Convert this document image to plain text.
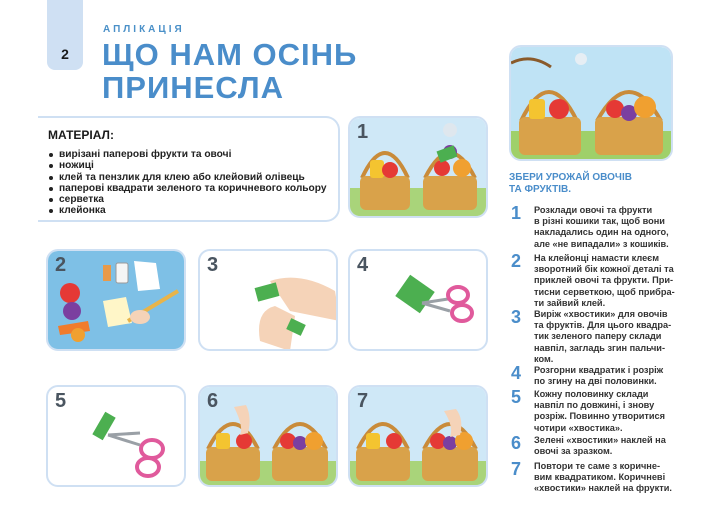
2
АПЛІКАЦІЯ
ЩО НАМ ОСІНЬ
ПРИНЕСЛА
МАТЕРІАЛ:
вирізані паперові фрукти та овочі
ножиці
клей та пензлик для клею або клейовий олівець
паперові квадрати зеленого та коричневого кольору
серветка
клейонка
1
2	3	4
5	6	7
ЗБЕРИ УРОЖАЙ ОВОЧІВ
ТА ФРУКТІВ.
1 Розклади овочі та фрукти
в різні кошики так, щоб вони
накладались один на одного,
але «не випадали» з кошиків.
2 На клейонці намасти клеєм
зворотний бік кожної деталі та
приклей овочі та фрукти. При-
тисни серветкою, щоб прибра-
ти зайвий клей.
3 Виріж «хвостики» для овочів
та фруктів. Для цього квадра-
тик зеленого паперу склади
навпіл, загладь згин пальчи-
ком.
4 Розгорни квадратик і розріж
по згину на дві половинки.
5 Кожну половинку склади
навпіл по довжині, і знову
розріж. Повинно утворитися
чотири «хвостика».
6 Зелені «хвостики» наклей на
овочі за зразком.
7 Повтори те саме з коричне-
вим квадратиком. Коричневі
«хвостики» наклей на фрукти.
